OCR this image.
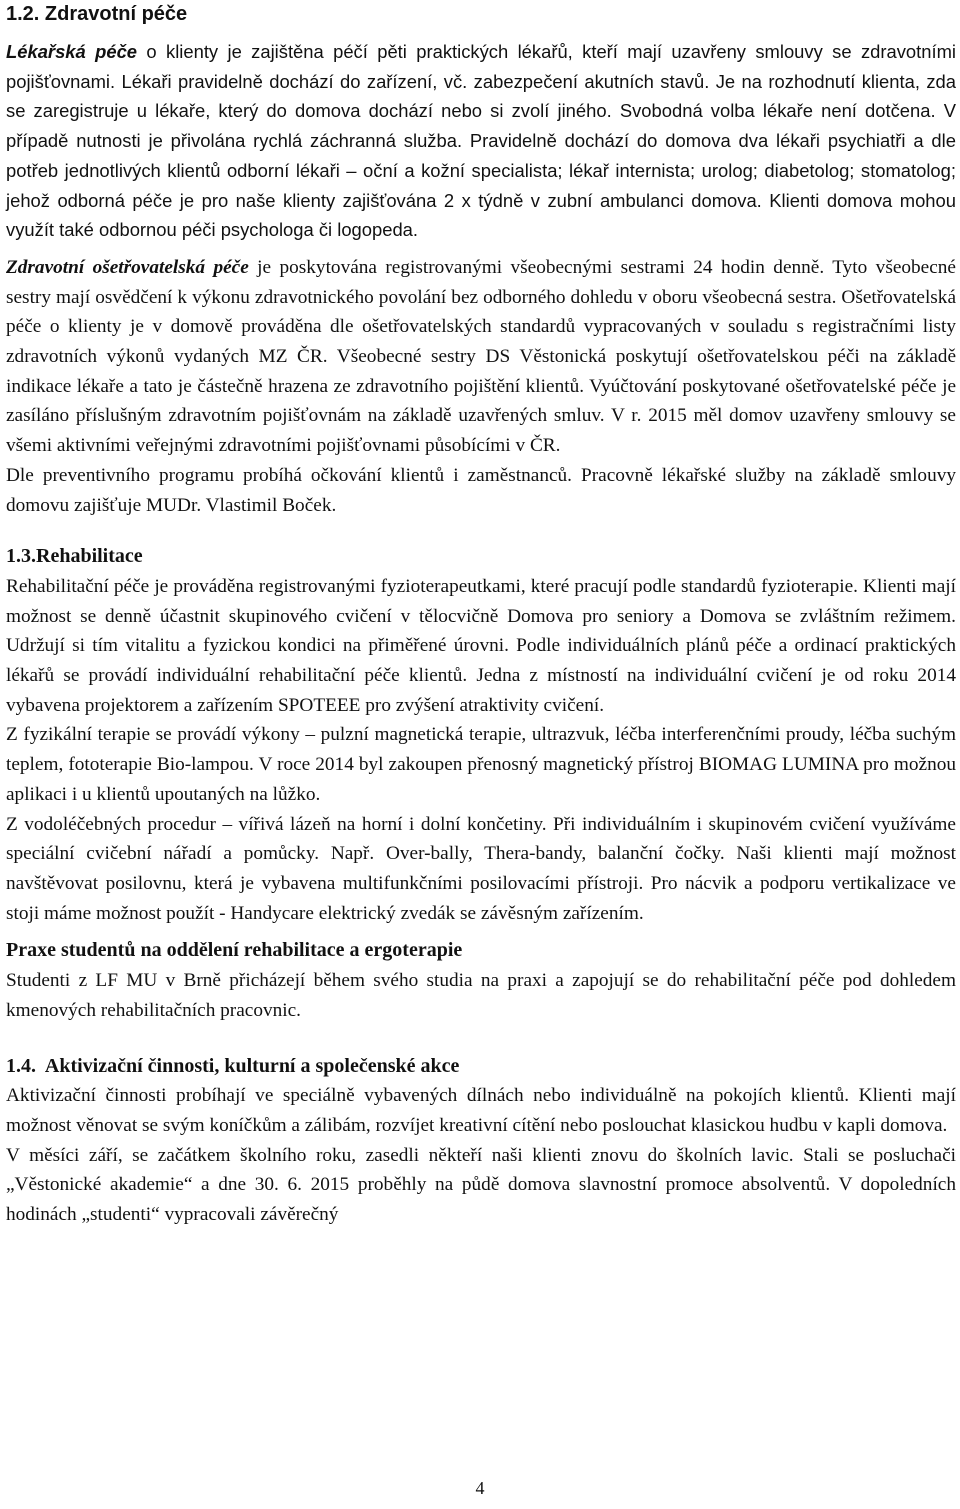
1.2. Zdravotní péče

Lékařská péče o klienty je zajištěna péčí pěti praktických lékařů, kteří mají uzavřeny smlouvy se zdravotními pojišťovnami. Lékaři pravidelně dochází do zařízení, vč. zabezpečení akutních stavů. Je na rozhodnutí klienta, zda se zaregistruje u lékaře, který do domova dochází nebo si zvolí jiného. Svobodná volba lékaře není dotčena. V případě nutnosti je přivolána rychlá záchranná služba. Pravidelně dochází do domova dva lékaři psychiatři a dle potřeb jednotlivých klientů odborní lékaři – oční a kožní specialista; lékař internista; urolog; diabetolog; stomatolog; jehož odborná péče je pro naše klienty zajišťována 2 x týdně v zubní ambulanci domova. Klienti domova mohou využít také odbornou péči psychologa či logopeda.

Zdravotní ošetřovatelská péče je poskytována registrovanými všeobecnými sestrami 24 hodin denně. Tyto všeobecné sestry mají osvědčení k výkonu zdravotnického povolání bez odborného dohledu v oboru všeobecná sestra. Ošetřovatelská péče o klienty je v domově prováděna dle ošetřovatelských standardů vypracovaných v souladu s registračními listy zdravotních výkonů vydaných MZ ČR. Všeobecné sestry DS Věstonická poskytují ošetřovatelskou péči na základě indikace lékaře a tato je částečně hrazena ze zdravotního pojištění klientů. Vyúčtování poskytované ošetřovatelské péče je zasíláno příslušným zdravotním pojišťovnám na základě uzavřených smluv. V r. 2015 měl domov uzavřeny smlouvy se všemi aktivními veřejnými zdravotními pojišťovnami působícími v ČR.

Dle preventivního programu probíhá očkování klientů i zaměstnanců. Pracovně lékařské služby na základě smlouvy domovu zajišťuje MUDr. Vlastimil Boček.

1.3.Rehabilitace

Rehabilitační péče je prováděna registrovanými fyzioterapeutkami, které pracují podle standardů fyzioterapie. Klienti mají možnost se denně účastnit skupinového cvičení v tělocvičně Domova pro seniory a Domova se zvláštním režimem. Udržují si tím vitalitu a fyzickou kondici na přiměřené úrovni. Podle individuálních plánů péče a ordinací praktických lékařů se provádí individuální rehabilitační péče klientů. Jedna z místností na individuální cvičení je od roku 2014 vybavena projektorem a zařízením SPOTEEE pro zvýšení atraktivity cvičení.

Z fyzikální terapie se provádí výkony – pulzní magnetická terapie, ultrazvuk, léčba interferenčními proudy, léčba suchým teplem, fototerapie Bio-lampou. V roce 2014 byl zakoupen přenosný magnetický přístroj BIOMAG LUMINA pro možnou aplikaci i u klientů upoutaných na lůžko.

Z vodoléčebných procedur – vířivá lázeň na horní i dolní končetiny. Při individuálním i skupinovém cvičení využíváme speciální cvičební nářadí a pomůcky. Např. Over-bally, Thera-bandy, balanční čočky. Naši klienti mají možnost navštěvovat posilovnu, která je vybavena multifunkčními posilovacími přístroji. Pro nácvik a podporu vertikalizace ve stoji máme možnost použít - Handycare elektrický zvedák se závěsným zařízením.

Praxe studentů na oddělení rehabilitace a ergoterapie

Studenti z LF MU v Brně přicházejí během svého studia na praxi a zapojují se do rehabilitační péče pod dohledem kmenových rehabilitačních pracovnic.

1.4.  Aktivizační činnosti, kulturní a společenské akce

Aktivizační činnosti probíhají ve speciálně vybavených dílnách nebo individuálně na pokojích klientů. Klienti mají možnost věnovat se svým koníčkům a zálibám, rozvíjet kreativní cítění nebo poslouchat klasickou hudbu v kapli domova.

V měsíci září, se začátkem školního roku, zasedli někteří naši klienti znovu do školních lavic. Stali se posluchači „Věstonické akademie“ a dne 30. 6. 2015 proběhly na půdě domova slavnostní promoce absolventů. V dopoledních hodinách „studenti“ vypracovali závěrečný

4
